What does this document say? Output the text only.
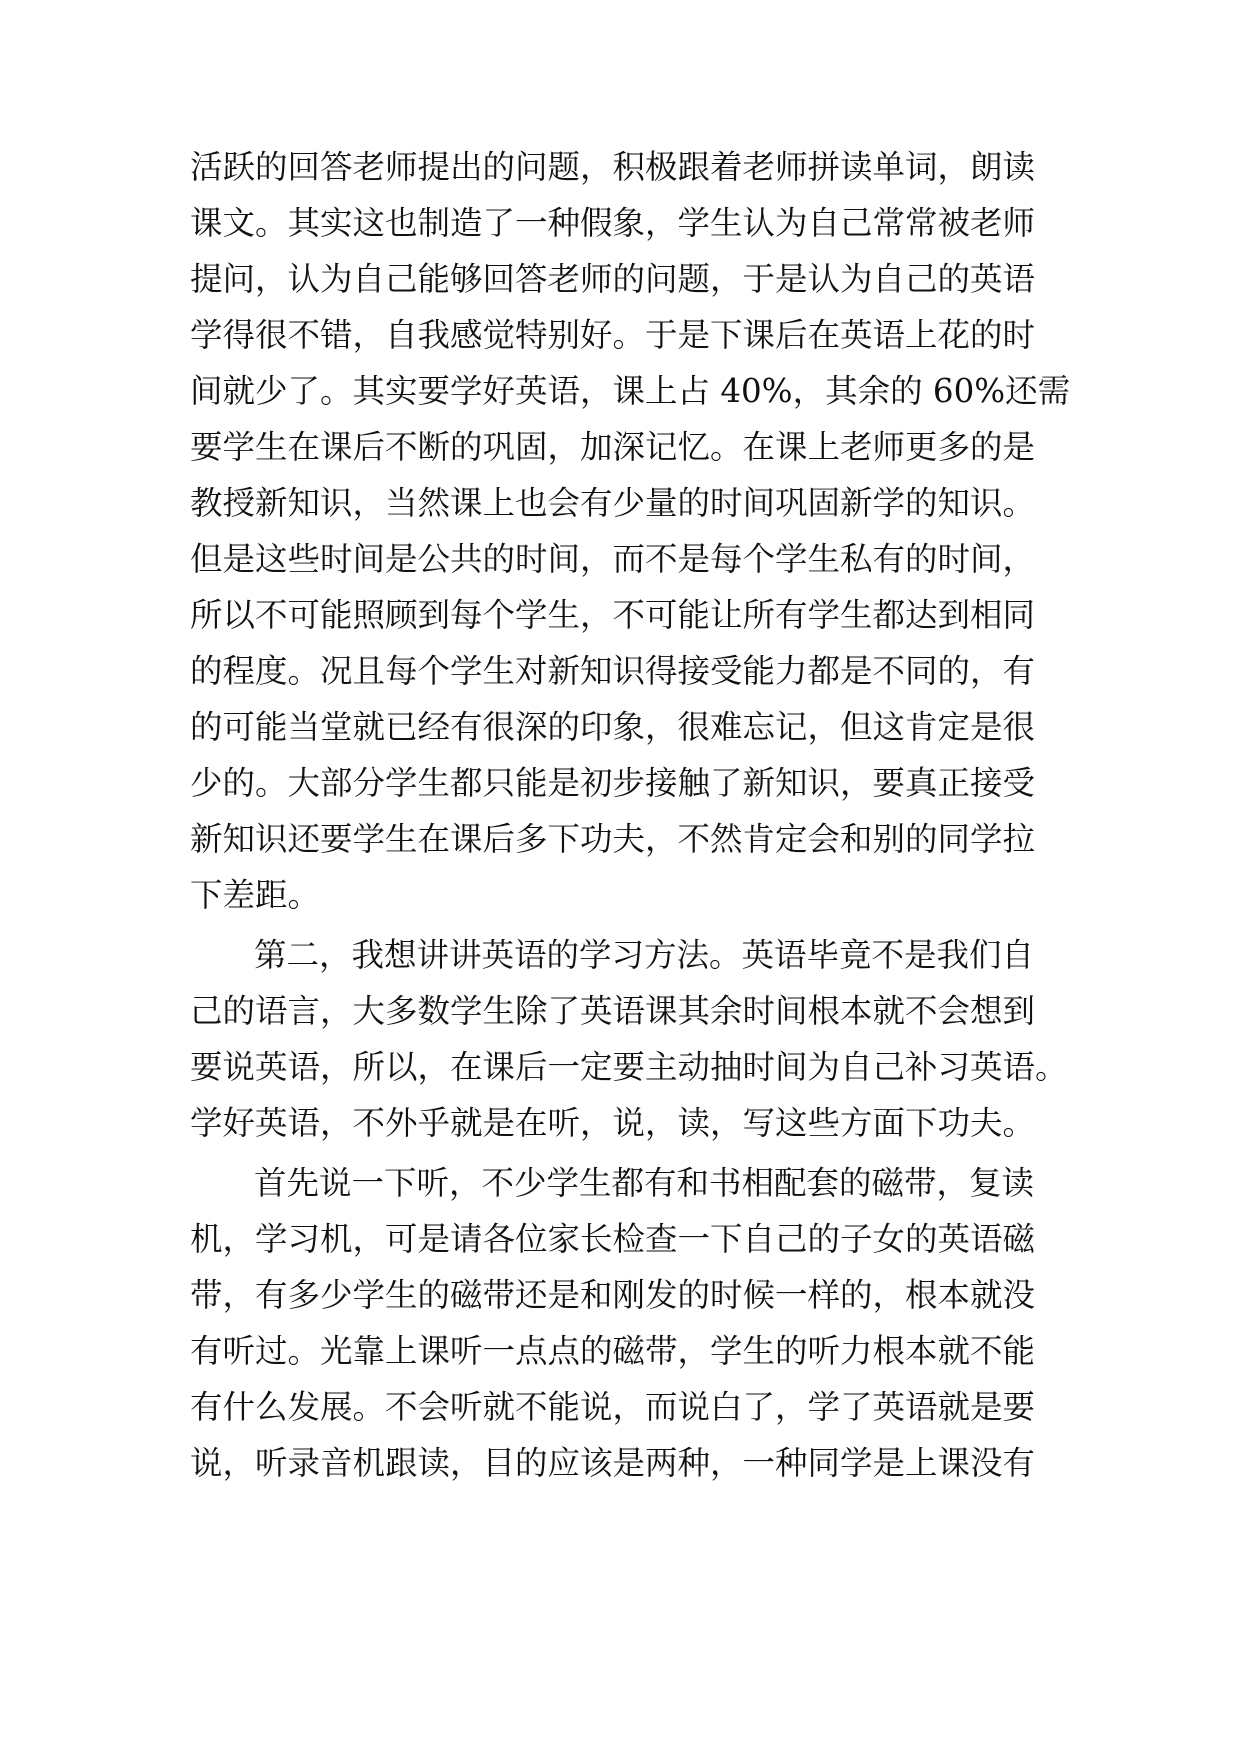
活跃的回答老师提出的问题，积极跟着老师拼读单词，朗读
课文。其实这也制造了一种假象，学生认为自己常常被老师
提问，认为自己能够回答老师的问题，于是认为自己的英语
学得很不错，自我感觉特别好。于是下课后在英语上花的时
间就少了。其实要学好英语，课上占 40%，其余的 60%还需
要学生在课后不断的巩固，加深记忆。在课上老师更多的是
教授新知识，当然课上也会有少量的时间巩固新学的知识。
但是这些时间是公共的时间，而不是每个学生私有的时间，
所以不可能照顾到每个学生，不可能让所有学生都达到相同
的程度。况且每个学生对新知识得接受能力都是不同的，有
的可能当堂就已经有很深的印象，很难忘记，但这肯定是很
少的。大部分学生都只能是初步接触了新知识，要真正接受
新知识还要学生在课后多下功夫，不然肯定会和别的同学拉
下差距。
第二，我想讲讲英语的学习方法。英语毕竟不是我们自
己的语言，大多数学生除了英语课其余时间根本就不会想到
要说英语，所以，在课后一定要主动抽时间为自己补习英语。
学好英语，不外乎就是在听，说，读，写这些方面下功夫。
首先说一下听，不少学生都有和书相配套的磁带，复读
机，学习机，可是请各位家长检查一下自己的子女的英语磁
带，有多少学生的磁带还是和刚发的时候一样的，根本就没
有听过。光靠上课听一点点的磁带，学生的听力根本就不能
有什么发展。不会听就不能说，而说白了，学了英语就是要
说，听录音机跟读，目的应该是两种，一种同学是上课没有
